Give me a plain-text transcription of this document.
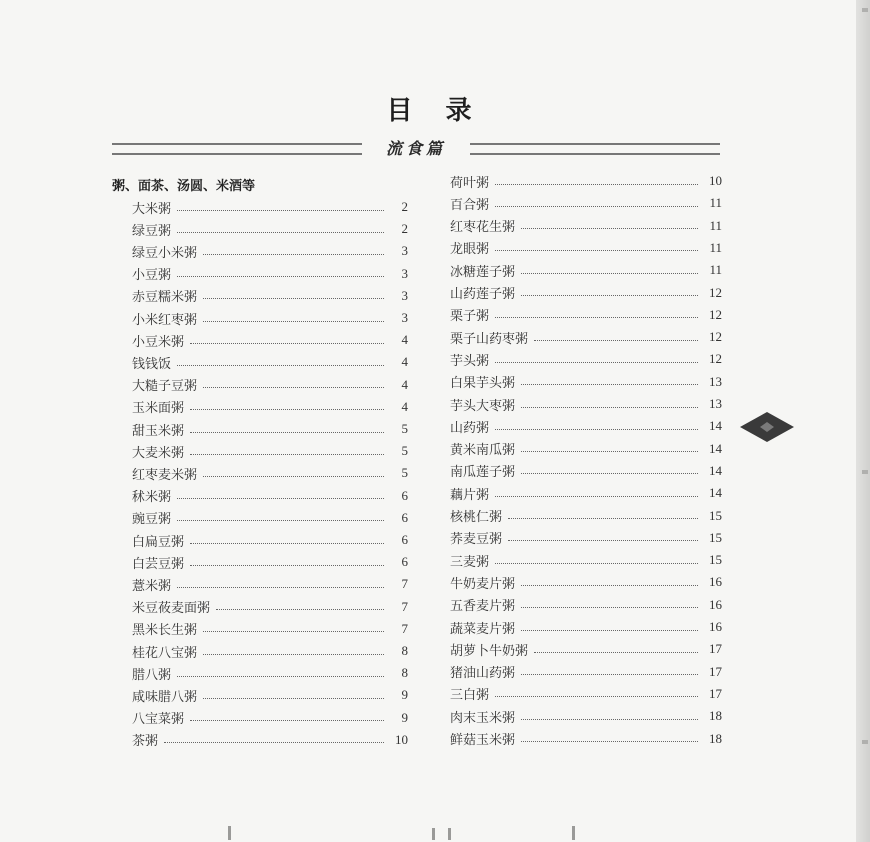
目 录
流食篇
粥、面茶、汤圆、米酒等
大米粥	2
绿豆粥	2
绿豆小米粥	3
小豆粥	3
赤豆糯米粥	3
小米红枣粥	3
小豆米粥	4
钱钱饭	4
大糙子豆粥	4
玉米面粥	4
甜玉米粥	5
大麦米粥	5
红枣麦米粥	5
秫米粥	6
豌豆粥	6
白扁豆粥	6
白芸豆粥	6
薏米粥	7
米豆莜麦面粥	7
黑米长生粥	7
桂花八宝粥	8
腊八粥	8
咸味腊八粥	9
八宝菜粥	9
茶粥	10
荷叶粥	10
百合粥	11
红枣花生粥	11
龙眼粥	11
冰糖莲子粥	11
山药莲子粥	12
栗子粥	12
栗子山药枣粥	12
芋头粥	12
白果芋头粥	13
芋头大枣粥	13
山药粥	14
黄米南瓜粥	14
南瓜莲子粥	14
藕片粥	14
核桃仁粥	15
荞麦豆粥	15
三麦粥	15
牛奶麦片粥	16
五香麦片粥	16
蔬菜麦片粥	16
胡萝卜牛奶粥	17
猪油山药粥	17
三白粥	17
肉末玉米粥	18
鲜菇玉米粥	18
